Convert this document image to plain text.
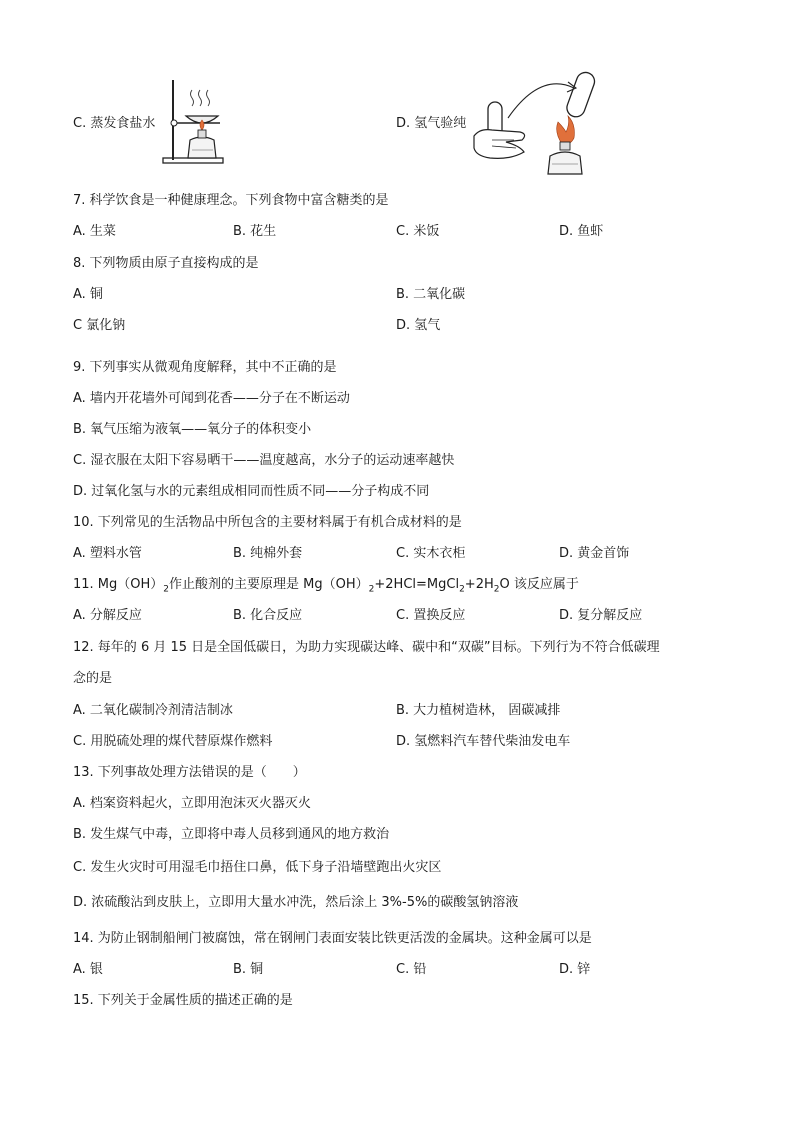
C. 蒸发食盐水	D. 氢气验纯
7. 科学饮食是一种健康理念。下列食物中富含糖类的是
A. 生菜	B. 花生	C. 米饭	D. 鱼虾
8. 下列物质由原子直接构成的是
A. 铜	B. 二氧化碳
C 氯化钠	D. 氢气
9. 下列事实从微观角度解释，其中不正确的是
A. 墙内开花墙外可闻到花香——分子在不断运动
B. 氧气压缩为液氧——氧分子的体积变小
C. 湿衣服在太阳下容易晒干——温度越高，水分子的运动速率越快
D. 过氧化氢与水的元素组成相同而性质不同——分子构成不同
10. 下列常见的生活物品中所包含的主要材料属于有机合成材料的是
A. 塑料水管	B. 纯棉外套	C. 实木衣柜	D. 黄金首饰
11. $Mg(OH)_2$作止酸剂的主要原理是 $Mg(OH)_2+2HCl=MgCl_2+2H_2O$ 该反应属于
A. 分解反应	B. 化合反应	C. 置换反应	D. 复分解反应
12. 每年的 6 月 15 日是全国低碳日，为助力实现碳达峰、碳中和“双碳”目标。下列行为不符合低碳理
念的是
A. 二氧化碳制冷剂清洁制冰	B. 大力植树造林， 固碳减排
C. 用脱硫处理的煤代替原煤作燃料	D. 氢燃料汽车替代柴油发电车
13. 下列事故处理方法错误的是（　　）
A. 档案资料起火，立即用泡沫灭火器灭火
B. 发生煤气中毒，立即将中毒人员移到通风的地方救治
C. 发生火灾时可用湿毛巾捂住口鼻，低下身子沿墙壁跑出火灾区
D. 浓硫酸沾到皮肤上，立即用大量水冲洗，然后涂上 3%-5%的碳酸氢钠溶液
14. 为防止钢制船闸门被腐蚀，常在钢闸门表面安装比铁更活泼的金属块。这种金属可以是
A. 银	B. 铜	C. 铅	D. 锌
15. 下列关于金属性质的描述正确的是
